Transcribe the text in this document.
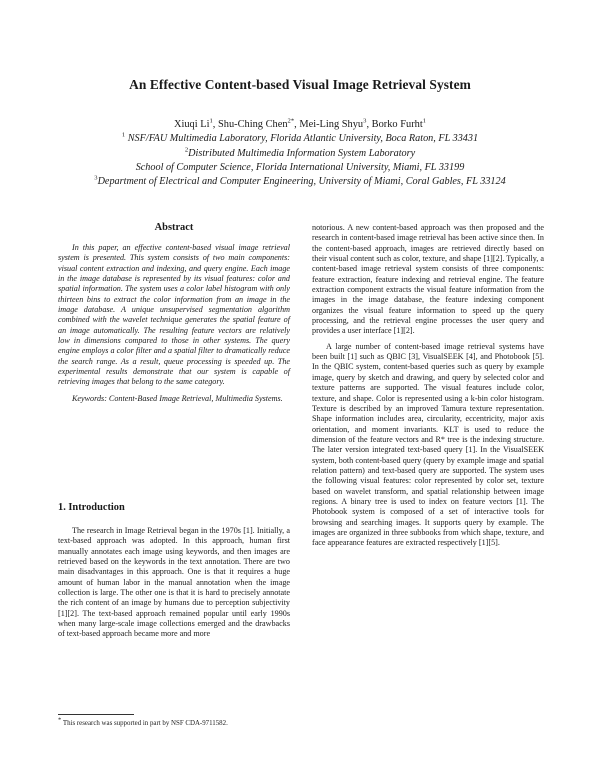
An Effective Content-based Visual Image Retrieval System
Xiuqi Li$^1$, Shu-Ching Chen$^{2*}$, Mei-Ling Shyu$^3$, Borko Furht$^1$
$^1$ NSF/FAU Multimedia Laboratory, Florida Atlantic University, Boca Raton, FL 33431
$^2$Distributed Multimedia Information System Laboratory
School of Computer Science, Florida International University, Miami, FL 33199
$^3$Department of Electrical and Computer Engineering, University of Miami, Coral Gables, FL 33124
Abstract

In this paper, an effective content-based visual image retrieval system is presented. This system consists of two main components: visual content extraction and indexing, and query engine. Each image in the image database is represented by its visual features: color and spatial information. The system uses a color label histogram with only thirteen bins to extract the color information from an image in the image database. A unique unsupervised segmentation algorithm combined with the wavelet technique generates the spatial feature of an image automatically. The resulting feature vectors are relatively low in dimensions compared to those in other systems. The query engine employs a color filter and a spatial filter to dramatically reduce the search range. As a result, queue processing is speeded up. The experimental results demonstrate that our system is capable of retrieving images that belong to the same category.

Keywords: Content-Based Image Retrieval, Multimedia Systems.

1. Introduction

The research in Image Retrieval began in the 1970s [1]. Initially, a text-based approach was adopted. In this approach, human first manually annotates each image using keywords, and then images are retrieved based on the keywords in the text annotation. There are two main disadvantages in this approach. One is that it requires a huge amount of human labor in the manual annotation when the image collection is large. The other one is that it is hard to precisely annotate the rich content of an image by humans due to perception subjectivity [1][2]. The text-based approach remained popular until early 1990s when many large-scale image collections emerged and the drawbacks of text-based approach became more and more

notorious. A new content-based approach was then proposed and the research in content-based image retrieval has been active since then. In the content-based approach, images are retrieved directly based on their visual content such as color, texture, and shape [1][2]. Typically, a content-based image retrieval system consists of three components: feature extraction, feature indexing and retrieval engine. The feature extraction component extracts the visual feature information from the images in the image database, the feature indexing component organizes the visual feature information to speed up the query processing, and the retrieval engine processes the user query and provides a user interface [1][2].

A large number of content-based image retrieval systems have been built [1] such as QBIC [3], VisualSEEK [4], and Photobook [5]. In the QBIC system, content-based queries such as query by example image, query by sketch and drawing, and query by selected color and texture patterns are supported. The visual features include color, texture, and shape. Color is represented using a k-bin color histogram. Texture is described by an improved Tamura texture representation. Shape information includes area, circularity, eccentricity, major axis orientation, and moment invariants. KLT is used to reduce the dimension of the feature vectors and R* tree is the indexing structure. The later version integrated text-based query [1]. In the VisualSEEK system, both content-based query (query by example image and spatial relation pattern) and text-based query are supported. The system uses the following visual features: color represented by color set, texture based on wavelet transform, and spatial relationship between image regions. A binary tree is used to index on feature vectors [1]. The Photobook system is composed of a set of interactive tools for browsing and searching images. It supports query by example. The images are organized in three subbooks from which shape, texture, and face appearance features are extracted respectively [1][5].

* This research was supported in part by NSF CDA-9711582.
